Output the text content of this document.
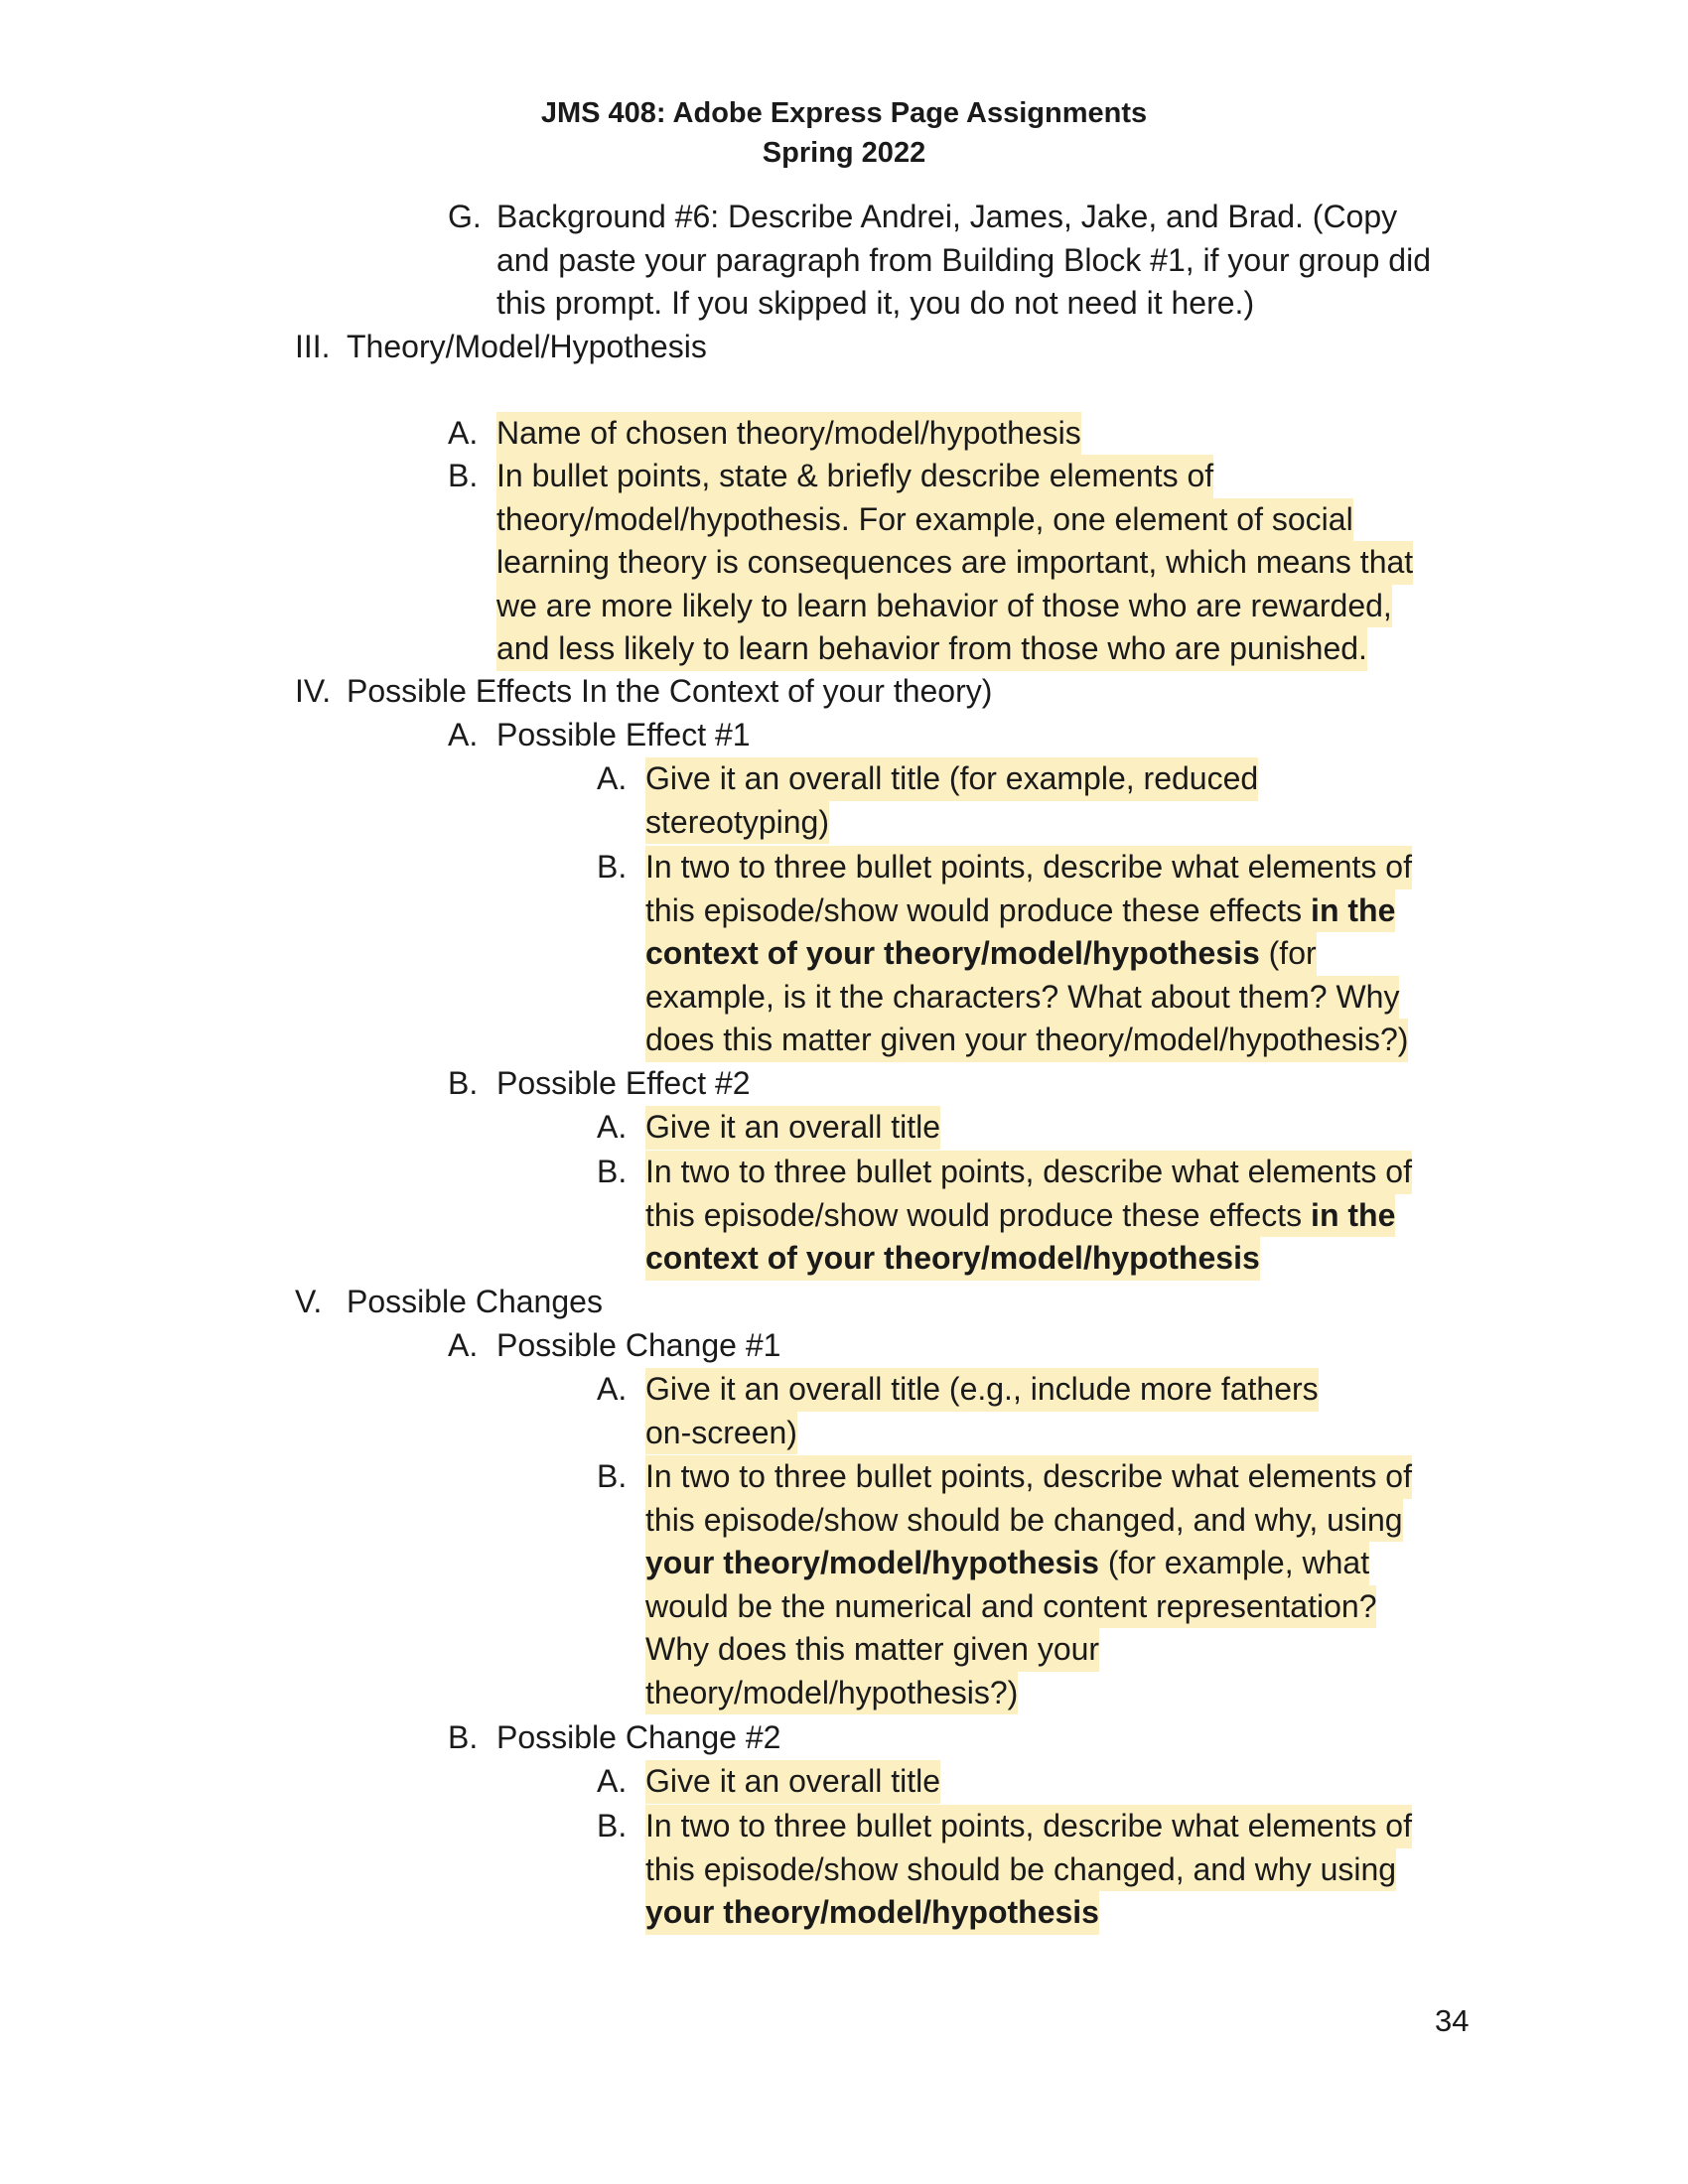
JMS 408: Adobe Express Page Assignments
Spring 2022
G. Background #6: Describe Andrei, James, Jake, and Brad. (Copy
and paste your paragraph from Building Block #1, if your group did
this prompt. If you skipped it, you do not need it here.)
III. Theory/Model/Hypothesis
A. Name of chosen theory/model/hypothesis
B. In bullet points, state & briefly describe elements of
theory/model/hypothesis. For example, one element of social
learning theory is consequences are important, which means that
we are more likely to learn behavior of those who are rewarded,
and less likely to learn behavior from those who are punished.
IV. Possible Effects In the Context of your theory)
A. Possible Effect #1
A. Give it an overall title (for example, reduced
stereotyping)
B. In two to three bullet points, describe what elements of
this episode/show would produce these effects in the
context of your theory/model/hypothesis (for
example, is it the characters? What about them? Why
does this matter given your theory/model/hypothesis?)
B. Possible Effect #2
A. Give it an overall title
B. In two to three bullet points, describe what elements of
this episode/show would produce these effects in the
context of your theory/model/hypothesis
V. Possible Changes
A. Possible Change #1
A. Give it an overall title (e.g., include more fathers
on-screen)
B. In two to three bullet points, describe what elements of
this episode/show should be changed, and why, using
your theory/model/hypothesis (for example, what
would be the numerical and content representation?
Why does this matter given your
theory/model/hypothesis?)
B. Possible Change #2
A. Give it an overall title
B. In two to three bullet points, describe what elements of
this episode/show should be changed, and why using
your theory/model/hypothesis
34
